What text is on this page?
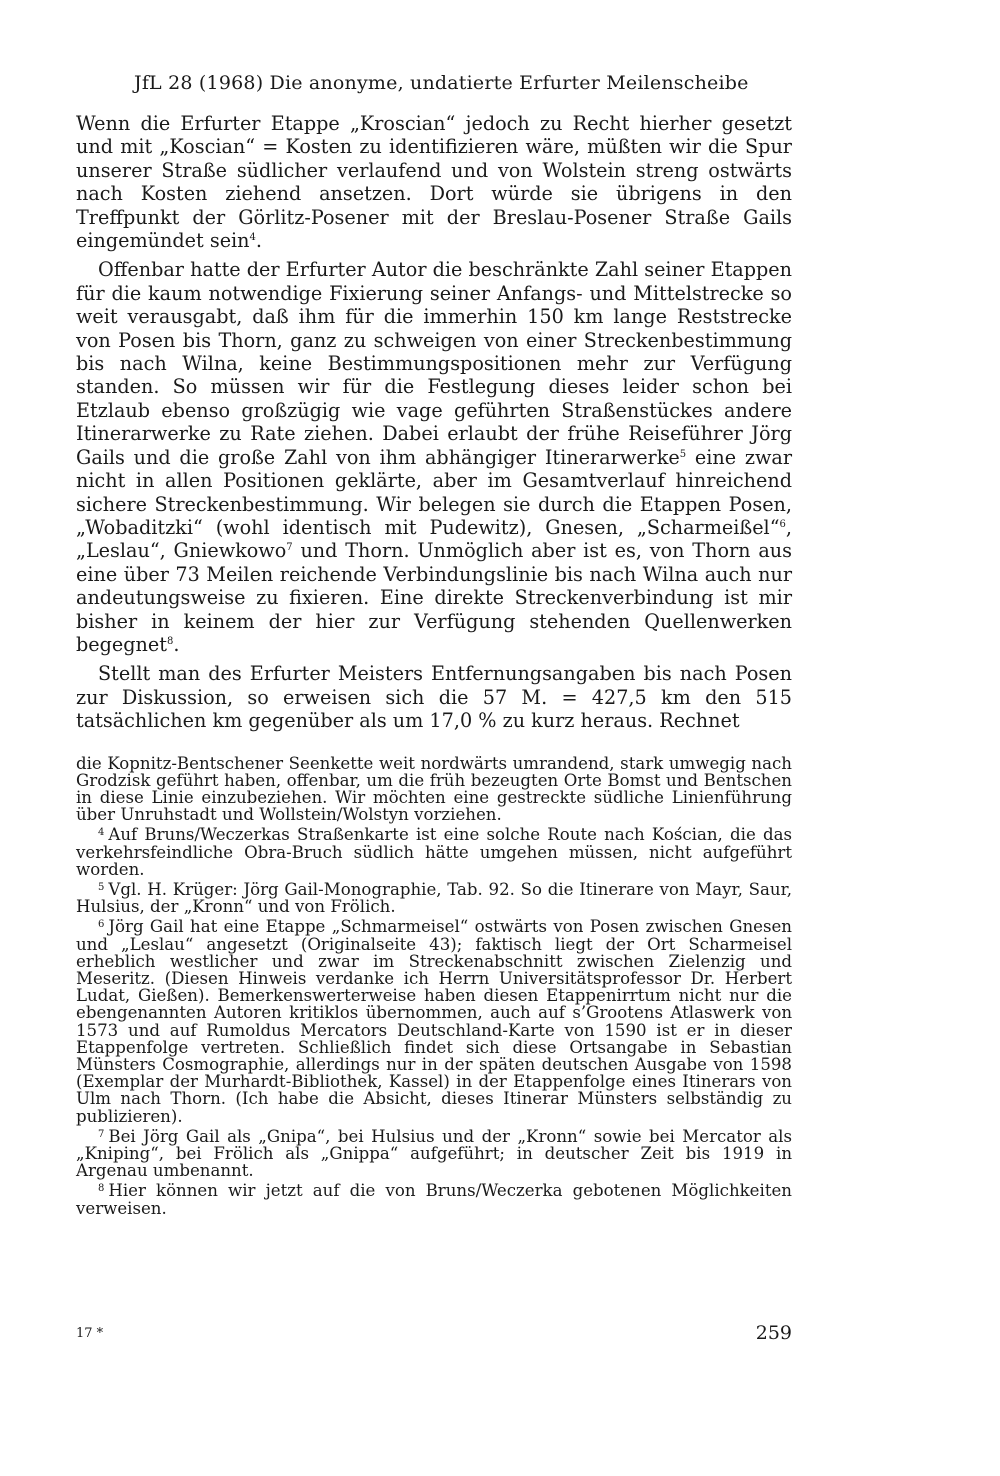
JfL 28 (1968) Die anonyme, undatierte Erfurter Meilenscheibe

Wenn die Erfurter Etappe „Kroscian“ jedoch zu Recht hierher gesetzt und mit „Koscian“ = Kosten zu identifizieren wäre, müßten wir die Spur unserer Straße südlicher verlaufend und von Wolstein streng ostwärts nach Kosten ziehend ansetzen. Dort würde sie übrigens in den Treffpunkt der Görlitz-Posener mit der Breslau-Posener Straße Gails eingemündet sein$^4$.

Offenbar hatte der Erfurter Autor die beschränkte Zahl seiner Etappen für die kaum notwendige Fixierung seiner Anfangs- und Mittelstrecke so weit verausgabt, daß ihm für die immerhin 150 km lange Reststrecke von Posen bis Thorn, ganz zu schweigen von einer Streckenbestimmung bis nach Wilna, keine Bestimmungspositionen mehr zur Verfügung standen. So müssen wir für die Festlegung dieses leider schon bei Etzlaub ebenso großzügig wie vage geführten Straßenstückes andere Itinerarwerke zu Rate ziehen. Dabei erlaubt der frühe Reiseführer Jörg Gails und die große Zahl von ihm abhängiger Itinerarwerke$^5$ eine zwar nicht in allen Positionen geklärte, aber im Gesamtverlauf hinreichend sichere Streckenbestimmung. Wir belegen sie durch die Etappen Posen, „Wobaditzki“ (wohl identisch mit Pudewitz), Gnesen, „Scharmeißel“$^6$, „Leslau“, Gniewkowo$^7$ und Thorn. Unmöglich aber ist es, von Thorn aus eine über 73 Meilen reichende Verbindungslinie bis nach Wilna auch nur andeutungsweise zu fixieren. Eine direkte Streckenverbindung ist mir bisher in keinem der hier zur Verfügung stehenden Quellenwerken begegnet$^8$.

Stellt man des Erfurter Meisters Entfernungsangaben bis nach Posen zur Diskussion, so erweisen sich die 57 M. = 427,5 km den 515 tatsächlichen km gegenüber als um 17,0 % zu kurz heraus. Rechnet

die Kopnitz-Bentschener Seenkette weit nordwärts umrandend, stark umwegig nach Grodzisk geführt haben, offenbar, um die früh bezeugten Orte Bomst und Bentschen in diese Linie einzubeziehen. Wir möchten eine gestreckte südliche Linienführung über Unruhstadt und Wollstein/Wolstyn vorziehen.

$^4$ Auf Bruns/Weczerkas Straßenkarte ist eine solche Route nach Kościan, die das verkehrsfeindliche Obra-Bruch südlich hätte umgehen müssen, nicht aufgeführt worden.

$^5$ Vgl. H. Krüger: Jörg Gail-Monographie, Tab. 92. So die Itinerare von Mayr, Saur, Hulsius, der „Kronn“ und von Frölich.

$^6$ Jörg Gail hat eine Etappe „Schmarmeisel“ ostwärts von Posen zwischen Gnesen und „Leslau“ angesetzt (Originalseite 43); faktisch liegt der Ort Scharmeisel erheblich westlicher und zwar im Streckenabschnitt zwischen Zielenzig und Meseritz. (Diesen Hinweis verdanke ich Herrn Universitätsprofessor Dr. Herbert Ludat, Gießen). Bemerkenswerterweise haben diesen Etappenirrtum nicht nur die ebengenannten Autoren kritiklos übernommen, auch auf s’Grootens Atlaswerk von 1573 und auf Rumoldus Mercators Deutschland-Karte von 1590 ist er in dieser Etappenfolge vertreten. Schließlich findet sich diese Ortsangabe in Sebastian Münsters Cosmographie, allerdings nur in der späten deutschen Ausgabe von 1598 (Exemplar der Murhardt-Bibliothek, Kassel) in der Etappenfolge eines Itinerars von Ulm nach Thorn. (Ich habe die Absicht, dieses Itinerar Münsters selbständig zu publizieren).

$^7$ Bei Jörg Gail als „Gnipa“, bei Hulsius und der „Kronn“ sowie bei Mercator als „Kniping“, bei Frölich als „Gnippa“ aufgeführt; in deutscher Zeit bis 1919 in Argenau umbenannt.

$^8$ Hier können wir jetzt auf die von Bruns/Weczerka gebotenen Möglichkeiten verweisen.

17 *	259
